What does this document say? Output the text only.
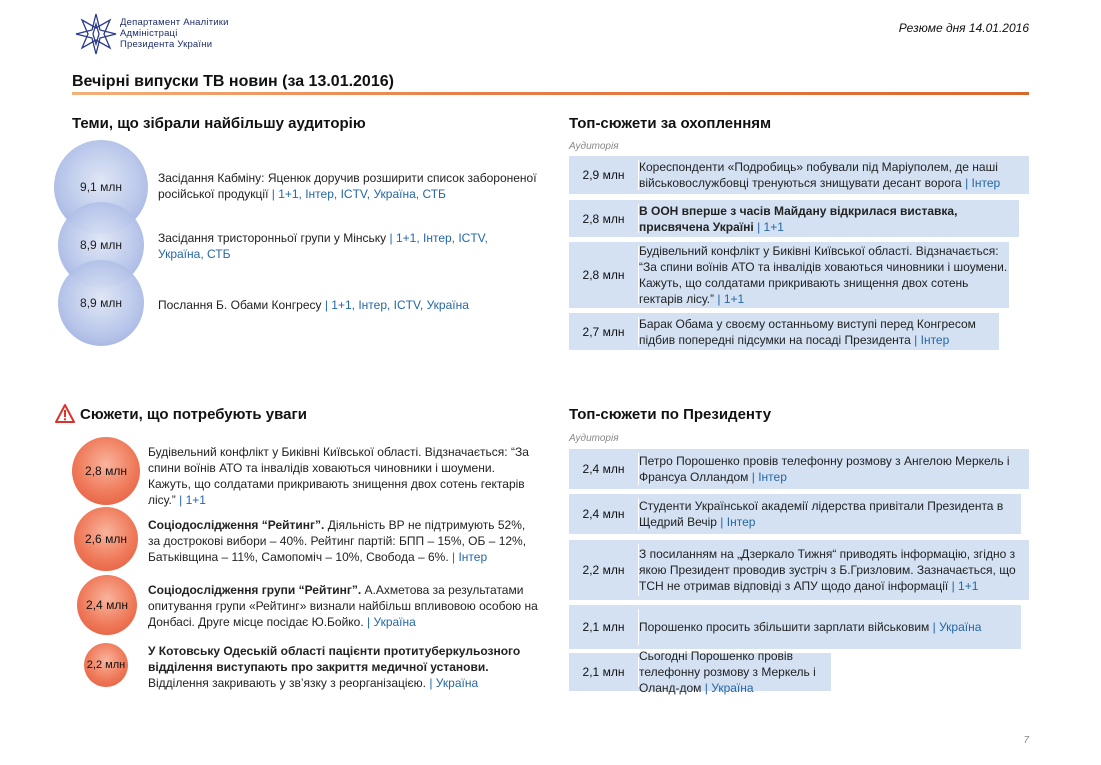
Департамент Аналітики
Адміністраці
Президента України
Резюме дня 14.01.2016
Вечірні випуски ТВ новин (за 13.01.2016)
Теми, що зібрали найбільшу аудиторію
9,1 млн
8,9 млн
8,9 млн
Засідання Кабміну: Яценюк доручив розширити список забороненої російської продукції | 1+1, Інтер, ICTV, Україна, СТБ
Засідання тристоронньої групи у Мінську | 1+1, Інтер, ICTV, Україна, СТБ
Послання Б. Обами Конгресу | 1+1, Інтер, ICTV, Україна
Топ-сюжети за охопленням
Аудиторія
2,9 млн
Кореспонденти «Подробиць» побували під Маріуполем, де наші військовослужбовці тренуються знищувати десант ворога | Інтер
2,8 млн
В ООН вперше з часів Майдану відкрилася виставка, присвячена Україні | 1+1
2,8 млн
Будівельний конфлікт у Биківні Київської області. Відзначається: “За спини воїнів АТО та інвалідів ховаються чиновники і шоумени. Кажуть, що солдатами прикривають знищення двох сотень гектарів лісу.” | 1+1
2,7 млн
Барак Обама у своєму останньому виступі перед Конгресом підбив попередні підсумки на посаді Президента | Інтер
Сюжети, що потребують уваги
2,8 млн
2,6 млн
2,4 млн
2,2 млн
Будівельний конфлікт у Биківні Київської області. Відзначається: “За спини воїнів АТО та інвалідів ховаються чиновники і шоумени. Кажуть, що солдатами прикривають знищення двох сотень гектарів лісу.” | 1+1
Соціодослідження “Рейтинг”. Діяльність ВР не підтримують 52%, за дострокові вибори – 40%. Рейтинг партій: БПП – 15%, ОБ – 12%, Батьківщина – 11%, Самопоміч – 10%, Свобода – 6%. | Інтер
Соціодослідження групи “Рейтинг”. А.Ахметова за результатами опитування групи «Рейтинг» визнали найбільш впливовою особою на Донбасі. Друге місце посідає Ю.Бойко. | Україна
У Котовську Одеській області пацієнти протитуберкульозного відділення виступають про закриття медичної установи. Відділення закривають у зв’язку з реорганізацією. | Україна
Топ-сюжети по Президенту
Аудиторія
2,4 млн
Петро Порошенко провів телефонну розмову з Ангелою Меркель і Франсуа Олландом | Інтер
2,4 млн
Студенти Української академії лідерства привітали Президента в Щедрий Вечір | Інтер
2,2 млн
З посиланням на „Дзеркало Тижня“ приводять інформацію, згідно з якою Президент проводив зустріч з Б.Гризловим. Зазначається, що ТСН не отримав відповіді з АПУ щодо даної інформації | 1+1
2,1 млн	Порошенко просить збільшити зарплати військовим | Україна
2,1 млн
Сьогодні Порошенко провів телефонну розмову з Меркель і Оланд-дом | Україна
7
